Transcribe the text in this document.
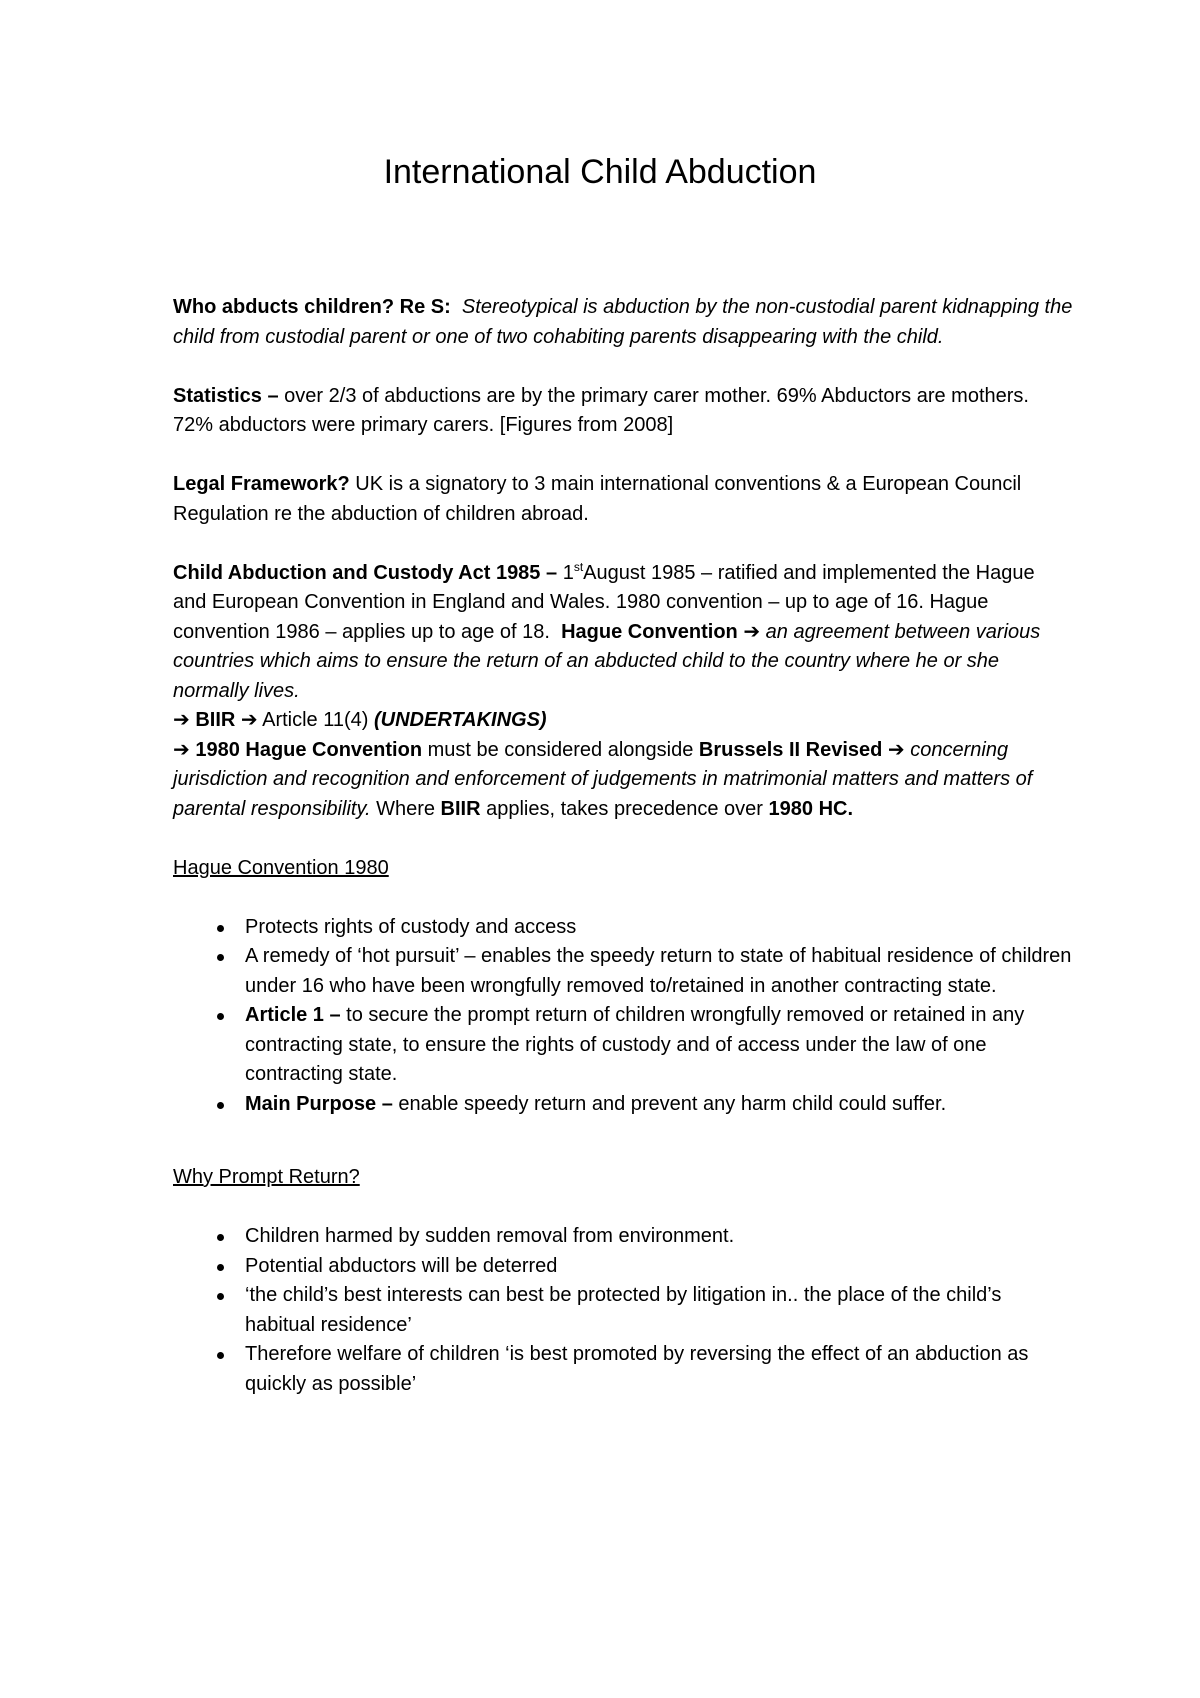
International Child Abduction

Who abducts children? Re S: Stereotypical is abduction by the non-custodial parent kidnapping the child from custodial parent or one of two cohabiting parents disappearing with the child.

Statistics – over 2/3 of abductions are by the primary carer mother. 69% Abductors are mothers. 72% abductors were primary carers. [Figures from 2008]

Legal Framework? UK is a signatory to 3 main international conventions & a European Council Regulation re the abduction of children abroad.

Child Abduction and Custody Act 1985 – 1stAugust 1985 – ratified and implemented the Hague and European Convention in England and Wales. 1980 convention – up to age of 16. Hague convention 1986 – applies up to age of 18. Hague Convention ➔ an agreement between various countries which aims to ensure the return of an abducted child to the country where he or she normally lives.

➔ BIIR ➔ Article 11(4) (UNDERTAKINGS)

➔ 1980 Hague Convention must be considered alongside Brussels II Revised ➔ concerning jurisdiction and recognition and enforcement of judgements in matrimonial matters and matters of parental responsibility. Where BIIR applies, takes precedence over 1980 HC.

Hague Convention 1980

Protects rights of custody and access
A remedy of ‘hot pursuit’ – enables the speedy return to state of habitual residence of children under 16 who have been wrongfully removed to/retained in another contracting state.
Article 1 – to secure the prompt return of children wrongfully removed or retained in any contracting state, to ensure the rights of custody and of access under the law of one contracting state.
Main Purpose – enable speedy return and prevent any harm child could suffer.

Why Prompt Return?

Children harmed by sudden removal from environment.
Potential abductors will be deterred
‘the child’s best interests can best be protected by litigation in.. the place of the child’s habitual residence’
Therefore welfare of children ‘is best promoted by reversing the effect of an abduction as quickly as possible’
